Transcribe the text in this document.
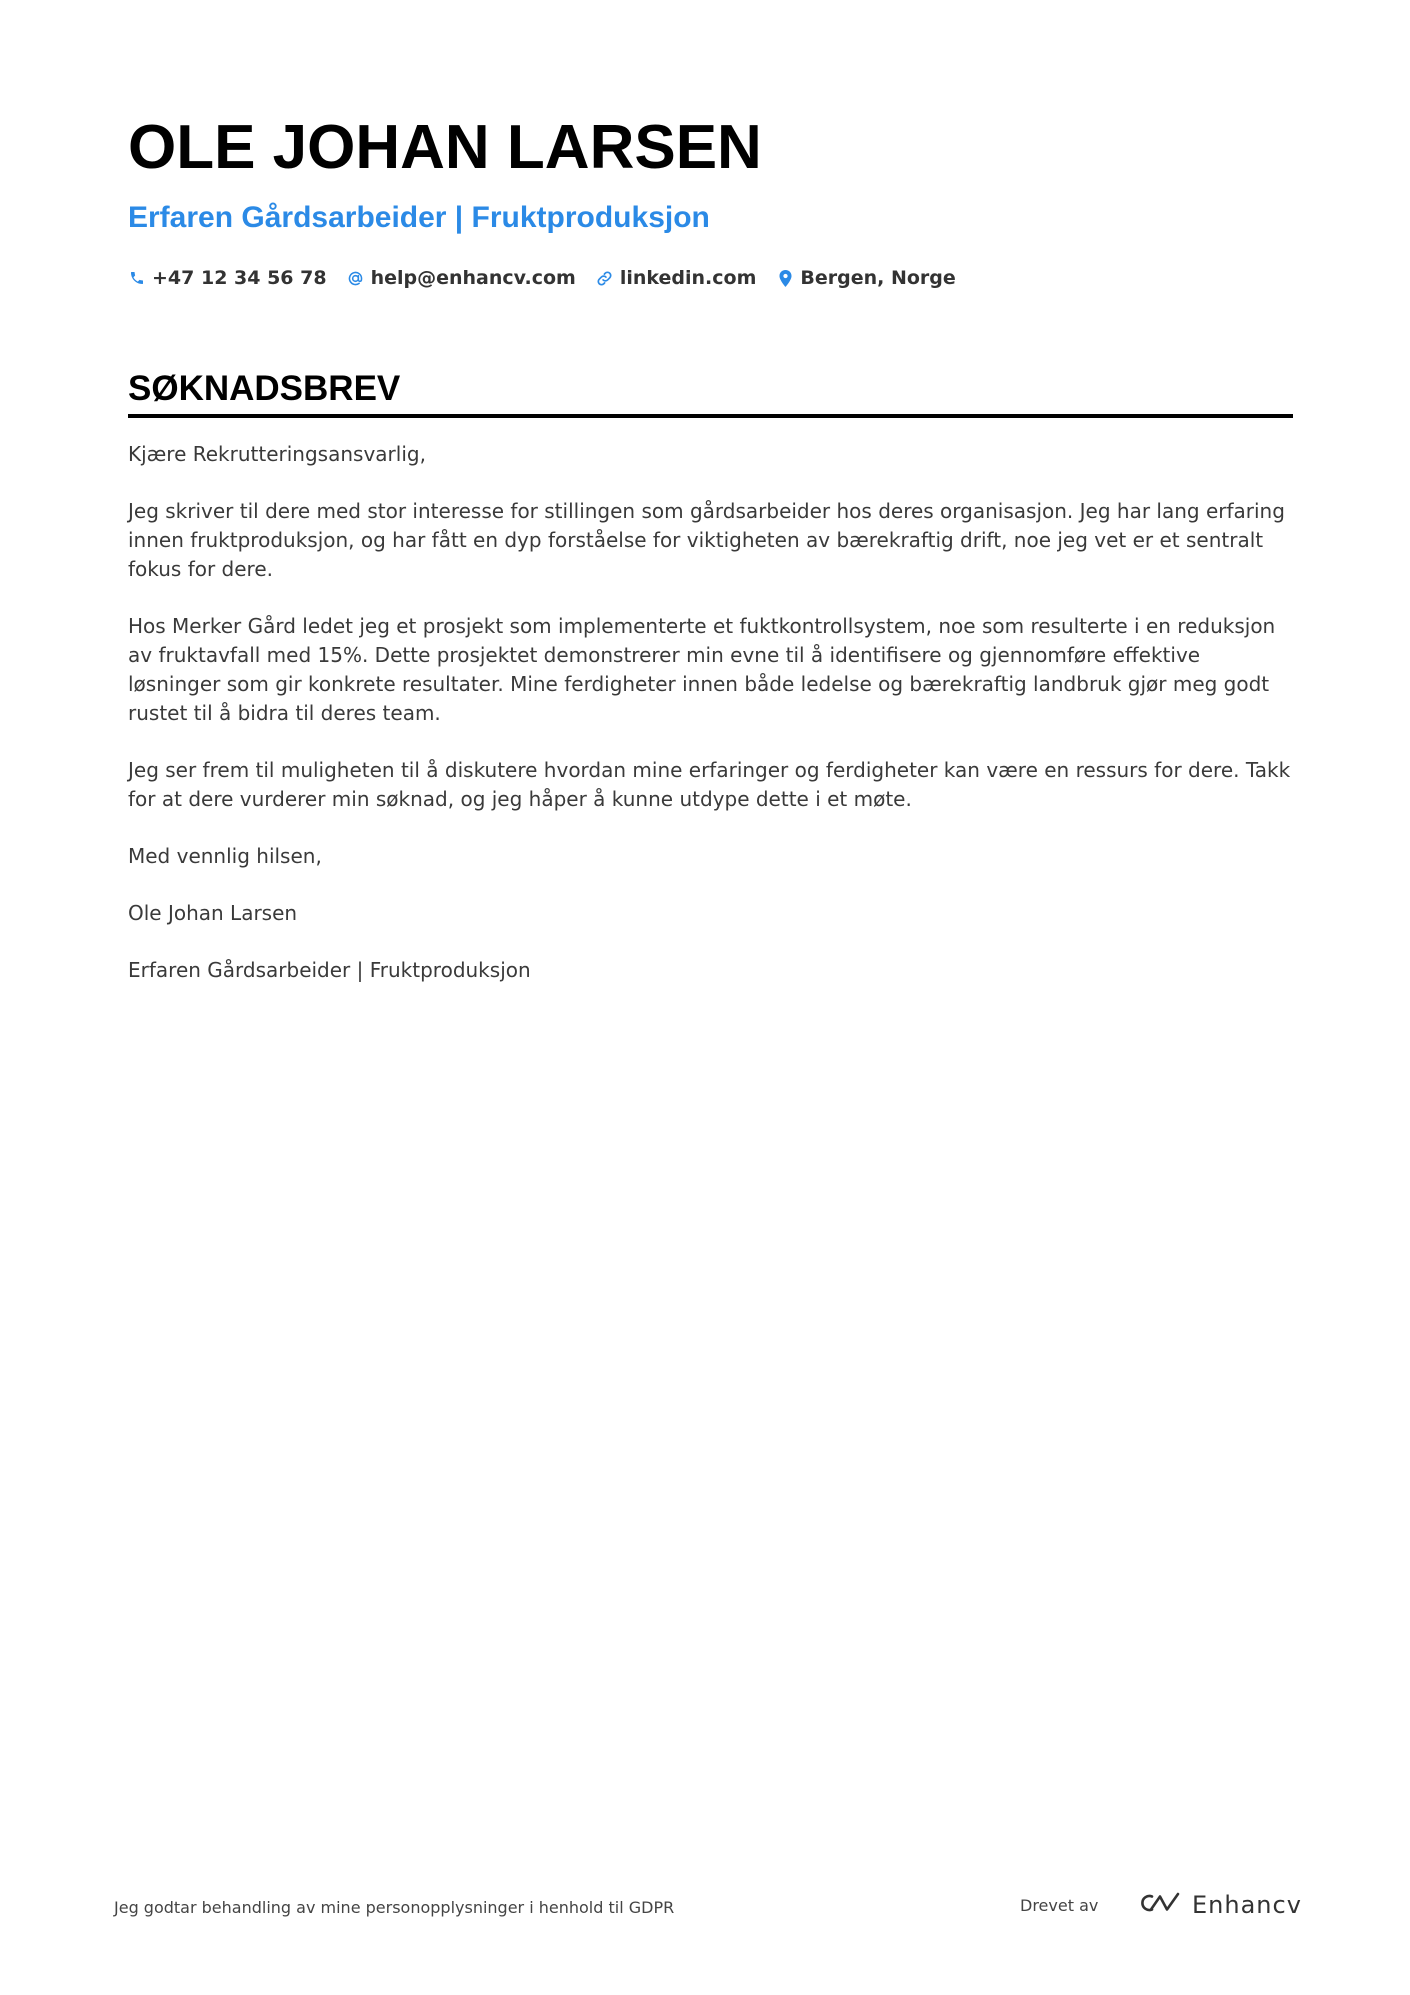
OLE JOHAN LARSEN
Erfaren Gårdsarbeider | Fruktproduksjon
+47 12 34 56 78 help@enhancv.com linkedin.com Bergen, Norge
SØKNADSBREV

Kjære Rekrutteringsansvarlig,

Jeg skriver til dere med stor interesse for stillingen som gårdsarbeider hos deres organisasjon. Jeg har lang erfaring innen fruktproduksjon, og har fått en dyp forståelse for viktigheten av bærekraftig drift, noe jeg vet er et sentralt fokus for dere.

Hos Merker Gård ledet jeg et prosjekt som implementerte et fuktkontrollsystem, noe som resulterte i en reduksjon av fruktavfall med 15%. Dette prosjektet demonstrerer min evne til å identifisere og gjennomføre effektive løsninger som gir konkrete resultater. Mine ferdigheter innen både ledelse og bærekraftig landbruk gjør meg godt rustet til å bidra til deres team.

Jeg ser frem til muligheten til å diskutere hvordan mine erfaringer og ferdigheter kan være en ressurs for dere. Takk for at dere vurderer min søknad, og jeg håper å kunne utdype dette i et møte.

Med vennlig hilsen,

Ole Johan Larsen

Erfaren Gårdsarbeider | Fruktproduksjon

Jeg godtar behandling av mine personopplysninger i henhold til GDPR	Drevet av	Enhancv
